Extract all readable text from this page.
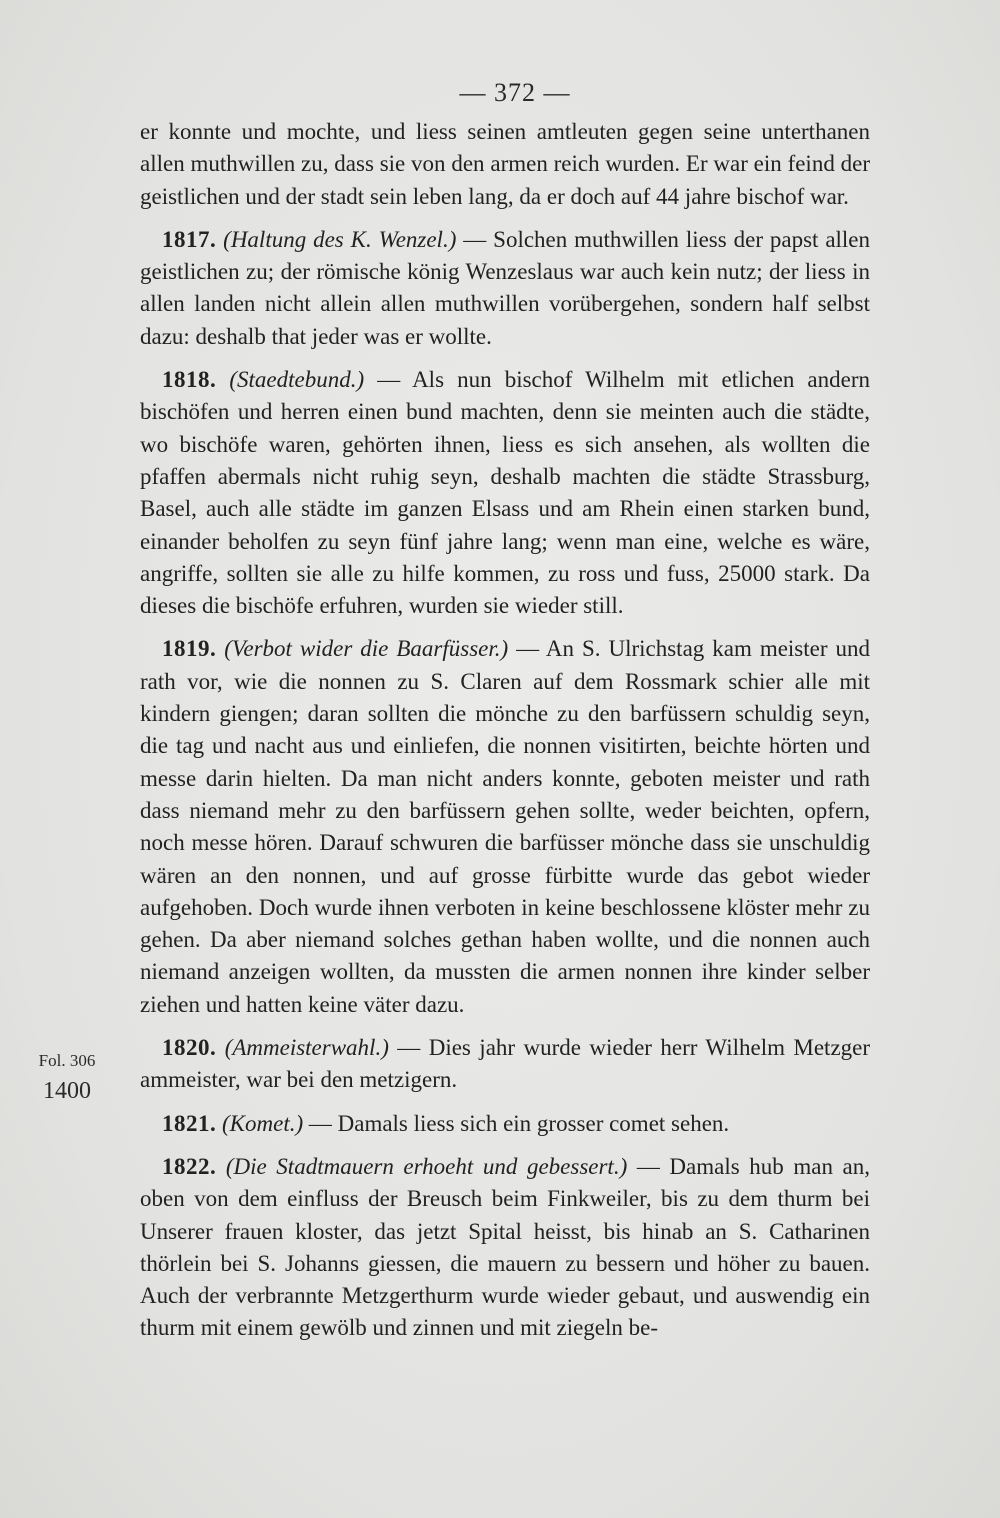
— 372 —
Fol. 306
1400

er konnte und mochte, und liess seinen amtleuten gegen seine unterthanen allen muthwillen zu, dass sie von den armen reich wurden. Er war ein feind der geistlichen und der stadt sein leben lang, da er doch auf 44 jahre bischof war.

1817. (Haltung des K. Wenzel.) — Solchen muthwillen liess der papst allen geistlichen zu; der römische könig Wenzeslaus war auch kein nutz; der liess in allen landen nicht allein allen muthwillen vorübergehen, sondern half selbst dazu: deshalb that jeder was er wollte.

1818. (Staedtebund.) — Als nun bischof Wilhelm mit etlichen andern bischöfen und herren einen bund machten, denn sie meinten auch die städte, wo bischöfe waren, gehörten ihnen, liess es sich ansehen, als wollten die pfaffen abermals nicht ruhig seyn, deshalb machten die städte Strassburg, Basel, auch alle städte im ganzen Elsass und am Rhein einen starken bund, einander beholfen zu seyn fünf jahre lang; wenn man eine, welche es wäre, angriffe, sollten sie alle zu hilfe kommen, zu ross und fuss, 25000 stark. Da dieses die bischöfe erfuhren, wurden sie wieder still.

1819. (Verbot wider die Baarfüsser.) — An S. Ulrichstag kam meister und rath vor, wie die nonnen zu S. Claren auf dem Rossmark schier alle mit kindern giengen; daran sollten die mönche zu den barfüssern schuldig seyn, die tag und nacht aus und einliefen, die nonnen visitirten, beichte hörten und messe darin hielten. Da man nicht anders konnte, geboten meister und rath dass niemand mehr zu den barfüssern gehen sollte, weder beichten, opfern, noch messe hören. Darauf schwuren die barfüsser mönche dass sie unschuldig wären an den nonnen, und auf grosse fürbitte wurde das gebot wieder aufgehoben. Doch wurde ihnen verboten in keine beschlossene klöster mehr zu gehen. Da aber niemand solches gethan haben wollte, und die nonnen auch niemand anzeigen wollten, da mussten die armen nonnen ihre kinder selber ziehen und hatten keine väter dazu.

1820. (Ammeisterwahl.) — Dies jahr wurde wieder herr Wilhelm Metzger ammeister, war bei den metzigern.

1821. (Komet.) — Damals liess sich ein grosser comet sehen.

1822. (Die Stadtmauern erhoeht und gebessert.) — Damals hub man an, oben von dem einfluss der Breusch beim Finkweiler, bis zu dem thurm bei Unserer frauen kloster, das jetzt Spital heisst, bis hinab an S. Catharinen thörlein bei S. Johanns giessen, die mauern zu bessern und höher zu bauen. Auch der verbrannte Metzgerthurm wurde wieder gebaut, und auswendig ein thurm mit einem gewölb und zinnen und mit ziegeln be-
